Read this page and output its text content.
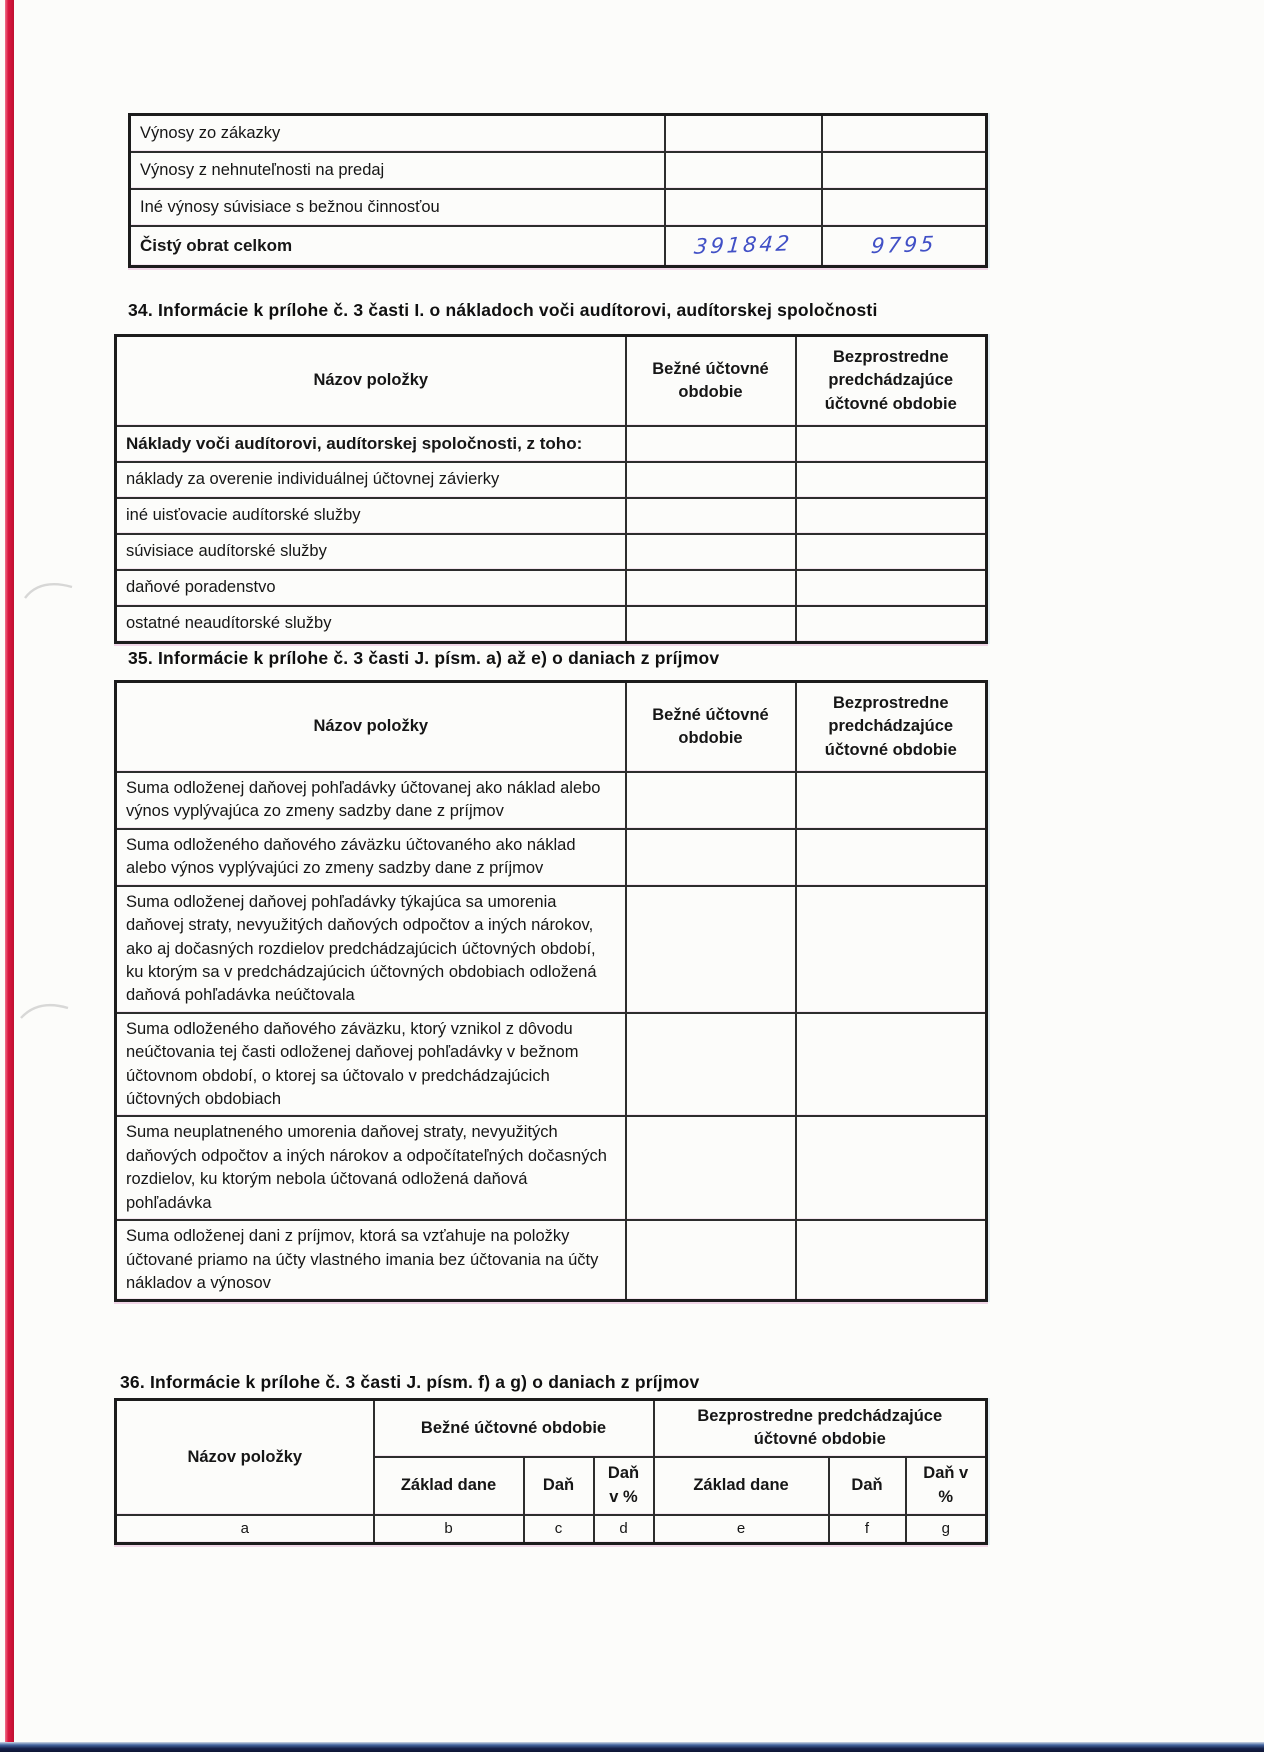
Výnosy zo zákazky		
Výnosy z nehnuteľnosti na predaj		
Iné výnosy súvisiace s bežnou činnosťou		
Čistý obrat celkom	391842	9795
34. Informácie k prílohe č. 3 časti I. o nákladoch voči audítorovi, audítorskej spoločnosti
Názov položky	Bežné účtovné obdobie	Bezprostredne predchádzajúce účtovné obdobie
Náklady voči audítorovi, audítorskej spoločnosti, z toho:		
náklady za overenie individuálnej účtovnej závierky		
iné uisťovacie audítorské služby		
súvisiace audítorské služby		
daňové poradenstvo		
ostatné neaudítorské služby		
35. Informácie k prílohe č. 3 časti J. písm. a) až e) o daniach z príjmov
Názov položky	Bežné účtovné obdobie	Bezprostredne predchádzajúce účtovné obdobie
Suma odloženej daňovej pohľadávky účtovanej ako náklad alebo výnos vyplývajúca zo zmeny sadzby dane z príjmov		
Suma odloženého daňového záväzku účtovaného ako náklad alebo výnos vyplývajúci zo zmeny sadzby dane z príjmov		
Suma odloženej daňovej pohľadávky týkajúca sa umorenia daňovej straty, nevyužitých daňových odpočtov a iných nárokov, ako aj dočasných rozdielov predchádzajúcich účtovných období, ku ktorým sa v predchádzajúcich účtovných obdobiach odložená daňová pohľadávka neúčtovala		
Suma odloženého daňového záväzku, ktorý vznikol z dôvodu neúčtovania tej časti odloženej daňovej pohľadávky v bežnom účtovnom období, o ktorej sa účtovalo v predchádzajúcich účtovných obdobiach		
Suma neuplatneného umorenia daňovej straty, nevyužitých daňových odpočtov a iných nárokov a odpočítateľných dočasných rozdielov, ku ktorým nebola účtovaná odložená daňová pohľadávka		
Suma odloženej dani z príjmov, ktorá sa vzťahuje na položky účtované priamo na účty vlastného imania bez účtovania na účty nákladov a výnosov		
36. Informácie k prílohe č. 3 časti J. písm. f) a g) o daniach z príjmov
Názov položky	Bežné účtovné obdobie			Bezprostredne predchádzajúce účtovné obdobie		
	Základ dane	Daň	Daň v %	Základ dane	Daň	Daň v %
a	b	c	d	e	f	g
